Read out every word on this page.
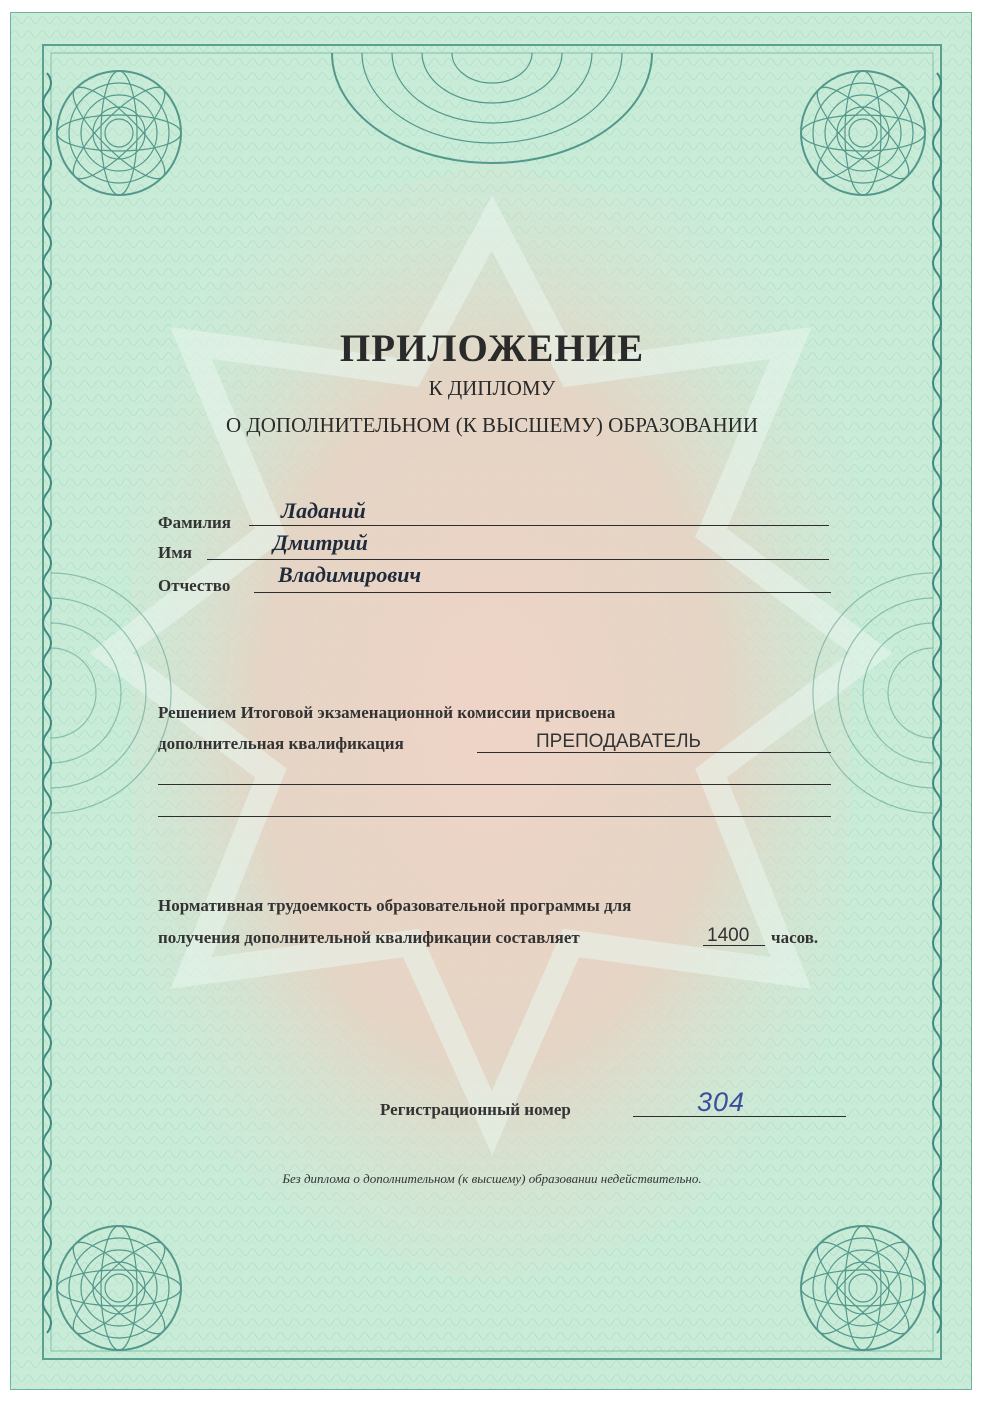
ПРИЛОЖЕНИЕ
К ДИПЛОМУ
О ДОПОЛНИТЕЛЬНОМ (К ВЫСШЕМУ) ОБРАЗОВАНИИ
Фамилия Ладаний
Имя	Дмитрий
Отчество Владимирович
Решением Итоговой экзаменационной комиссии присвоена
дополнительная квалификация	ПРЕПОДАВАТЕЛЬ
Нормативная трудоемкость образовательной программы для
получения дополнительной квалификации составляет	1400 часов.
Регистрационный номер	304
Без диплома о дополнительном (к высшему) образовании недействительно.
